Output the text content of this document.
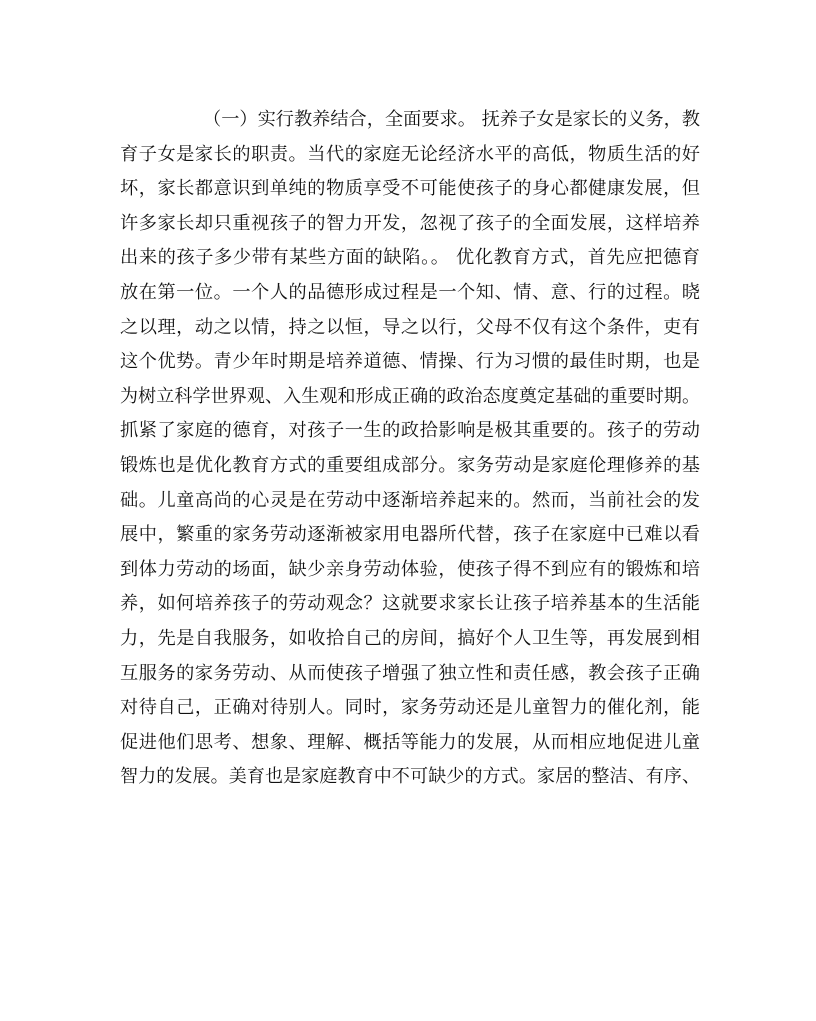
（一）实行教养结合，全面要求。 抚养子女是家长的义务，教
育子女是家长的职责。当代的家庭无论经济水平的高低，物质生活的好
坏，家长都意识到单纯的物质享受不可能使孩子的身心都健康发展，但
许多家长却只重视孩子的智力开发，忽视了孩子的全面发展，这样培养
出来的孩子多少带有某些方面的缺陷。。 优化教育方式，首先应把德育
放在第一位。一个人的品德形成过程是一个知、情、意、行的过程。晓
之以理，动之以情，持之以恒，导之以行，父母不仅有这个条件，吏有
这个优势。青少年时期是培养道德、情操、行为习惯的最佳时期，也是
为树立科学世界观、入生观和形成正确的政治态度奠定基础的重要时期。
抓紧了家庭的德育，对孩子一生的政拾影响是极其重要的。孩子的劳动
锻炼也是优化教育方式的重要组成部分。家务劳动是家庭伦理修养的基
础。儿童高尚的心灵是在劳动中逐渐培养起来的。然而，当前社会的发
展中，繁重的家务劳动逐渐被家用电器所代替，孩子在家庭中已难以看
到体力劳动的场面，缺少亲身劳动体验，使孩子得不到应有的锻炼和培
养，如何培养孩子的劳动观念？这就要求家长让孩子培养基本的生活能
力，先是自我服务，如收拾自己的房间，搞好个人卫生等，再发展到相
互服务的家务劳动、从而使孩子增强了独立性和责任感，教会孩子正确
对待自己，正确对待别人。同时，家务劳动还是儿童智力的催化剂，能
促进他们思考、想象、理解、概括等能力的发展，从而相应地促进儿童
智力的发展。美育也是家庭教育中不可缺少的方式。家居的整洁、有序、
